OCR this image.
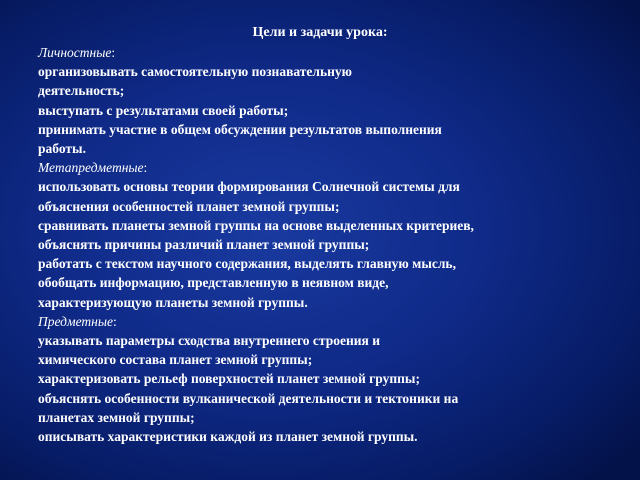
Цели и задачи урока:
Личностные:
организовывать самостоятельную познавательную
деятельность;
выступать с результатами своей работы;
принимать участие в общем обсуждении результатов выполнения
работы.
Метапредметные:
использовать основы теории формирования Солнечной системы для
объяснения особенностей планет земной группы;
сравнивать планеты земной группы на основе выделенных критериев,
объяснять причины различий планет земной группы;
работать с текстом научного содержания, выделять главную мысль,
обобщать информацию, представленную в неявном виде,
характеризующую планеты земной группы.
Предметные:
указывать параметры сходства внутреннего строения и
химического состава планет земной группы;
характеризовать рельеф поверхностей планет земной группы;
объяснять особенности вулканической деятельности и тектоники на
планетах земной группы;
описывать характеристики каждой из планет земной группы.
